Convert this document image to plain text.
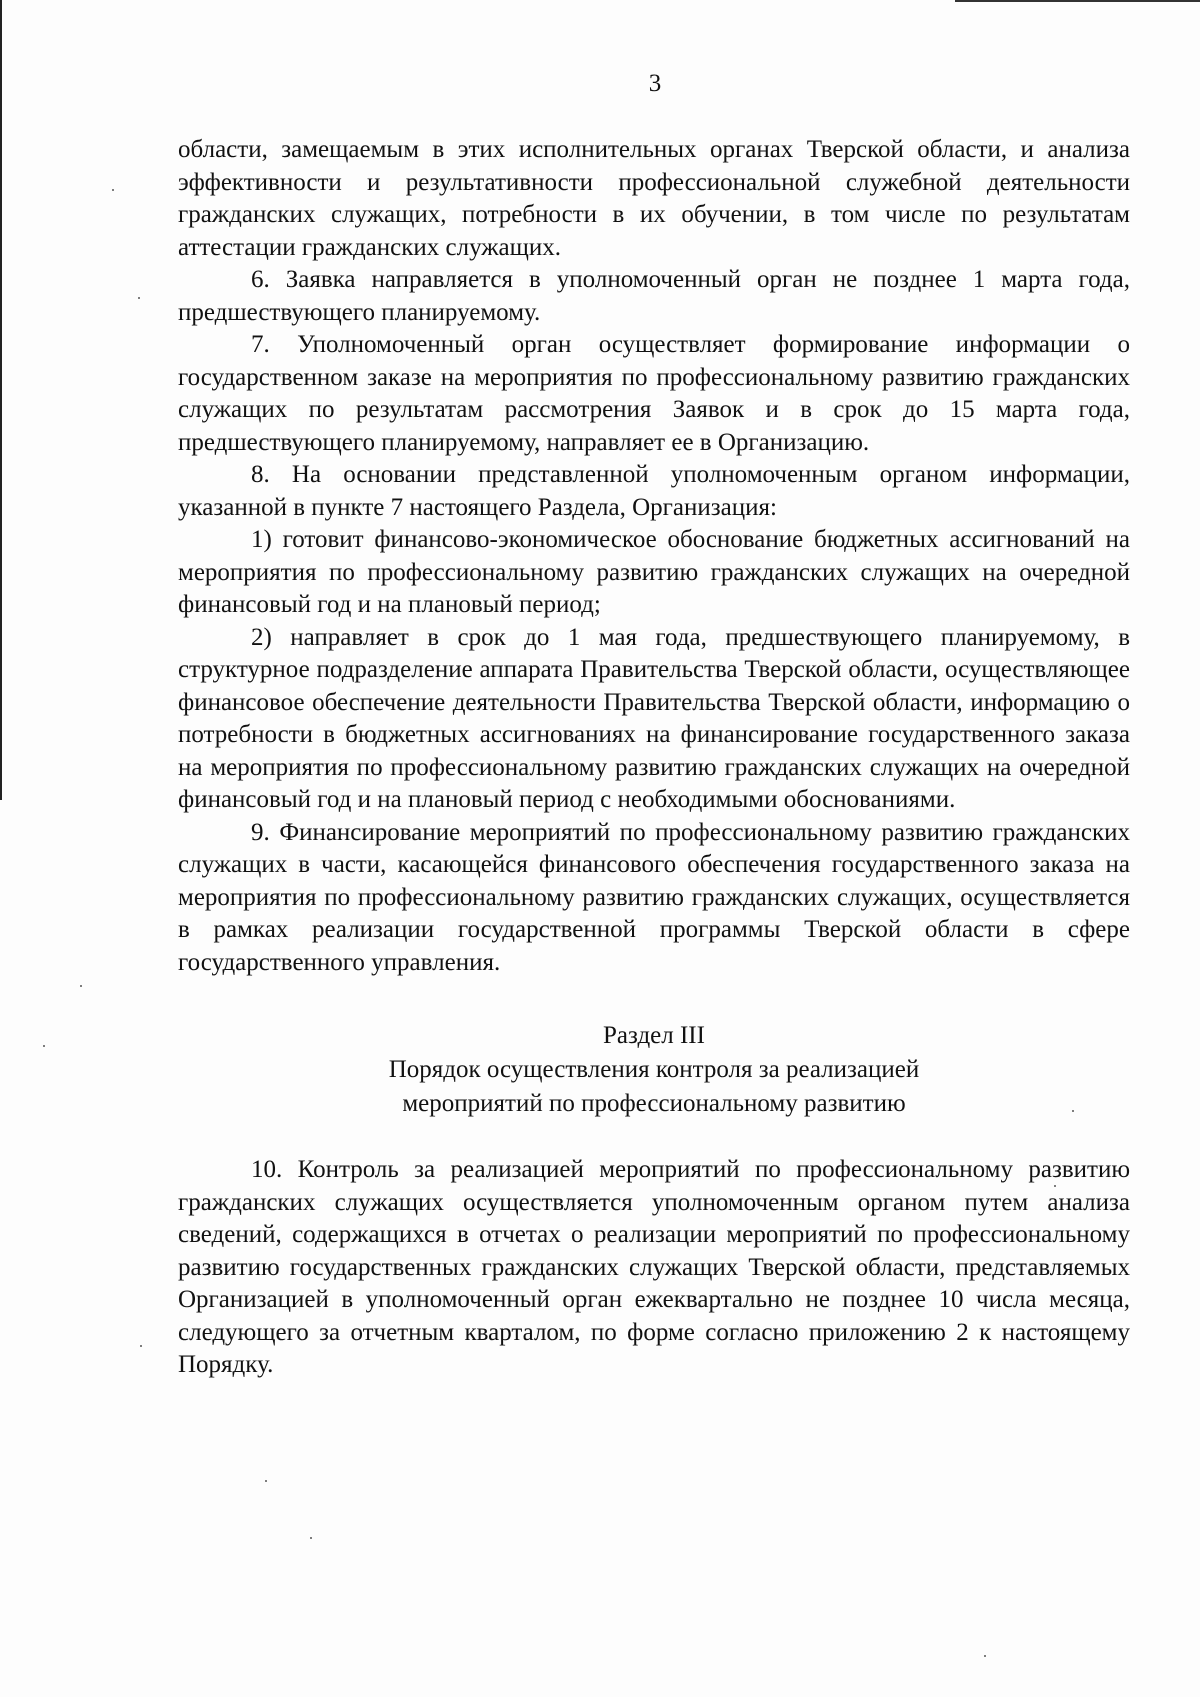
3

области, замещаемым в этих исполнительных органах Тверской области, и анализа эффективности и результативности профессиональной служебной деятельности гражданских служащих, потребности в их обучении, в том числе по результатам аттестации гражданских служащих.

6. Заявка направляется в уполномоченный орган не позднее 1 марта года, предшествующего планируемому.

7. Уполномоченный орган осуществляет формирование информации о государственном заказе на мероприятия по профессиональному развитию гражданских служащих по результатам рассмотрения Заявок и в срок до 15 марта года, предшествующего планируемому, направляет ее в Организацию.

8. На основании представленной уполномоченным органом информации, указанной в пункте 7 настоящего Раздела, Организация:

1) готовит финансово-экономическое обоснование бюджетных ассигнований на мероприятия по профессиональному развитию гражданских служащих на очередной финансовый год и на плановый период;

2) направляет в срок до 1 мая года, предшествующего планируемому, в структурное подразделение аппарата Правительства Тверской области, осуществляющее финансовое обеспечение деятельности Правительства Тверской области, информацию о потребности в бюджетных ассигнованиях на финансирование государственного заказа на мероприятия по профессиональному развитию гражданских служащих на очередной финансовый год и на плановый период с необходимыми обоснованиями.

9. Финансирование мероприятий по профессиональному развитию гражданских служащих в части, касающейся финансового обеспечения государственного заказа на мероприятия по профессиональному развитию гражданских служащих, осуществляется в рамках реализации государственной программы Тверской области в сфере государственного управления.

Раздел III
Порядок осуществления контроля за реализацией
мероприятий по профессиональному развитию

10. Контроль за реализацией мероприятий по профессиональному развитию гражданских служащих осуществляется уполномоченным органом путем анализа сведений, содержащихся в отчетах о реализации мероприятий по профессиональному развитию государственных гражданских служащих Тверской области, представляемых Организацией в уполномоченный орган ежеквартально не позднее 10 числа месяца, следующего за отчетным кварталом, по форме согласно приложению 2 к настоящему Порядку.
